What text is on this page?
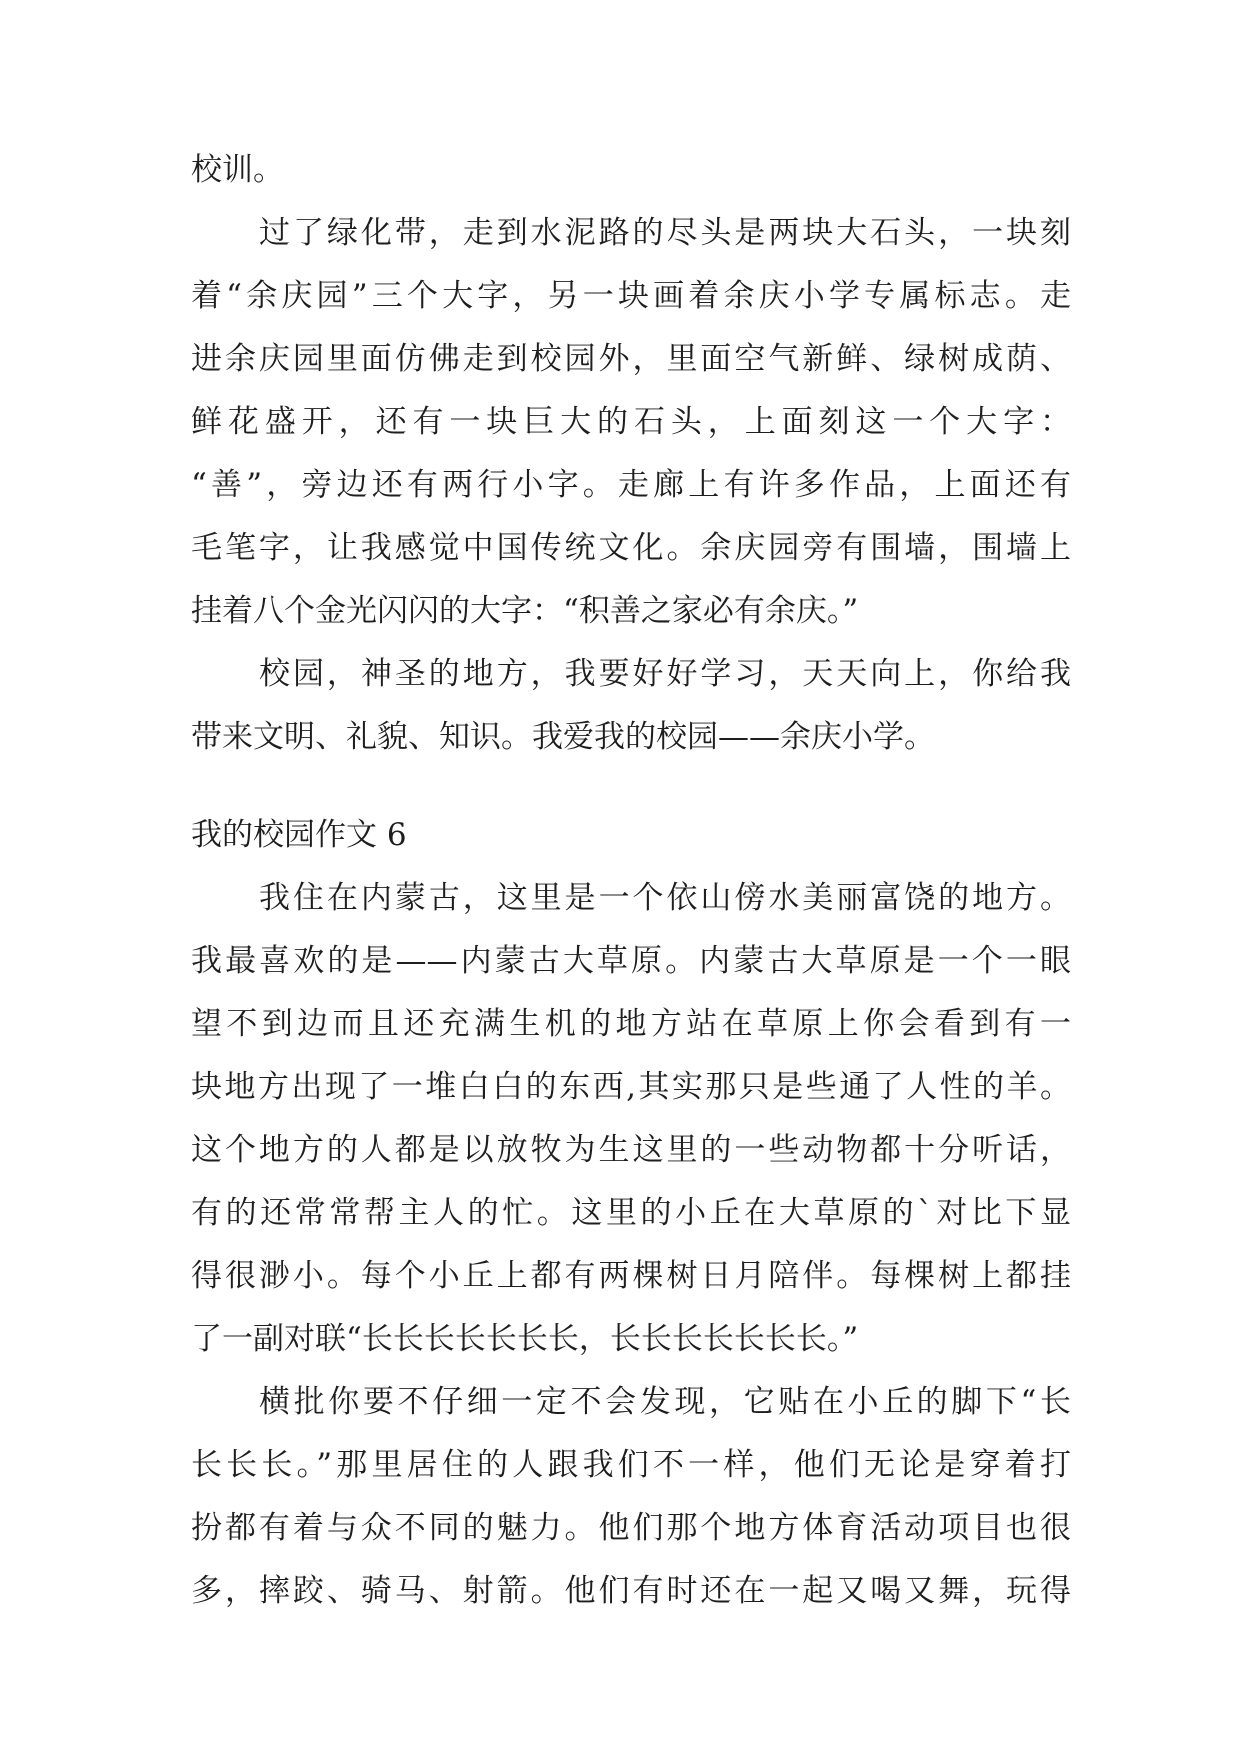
校训。
过了绿化带，走到水泥路的尽头是两块大石头，一块刻
着“余庆园”三个大字，另一块画着余庆小学专属标志。走
进余庆园里面仿佛走到校园外，里面空气新鲜、绿树成荫、
鲜花盛开，还有一块巨大的石头，上面刻这一个大字：
“善”，旁边还有两行小字。走廊上有许多作品，上面还有
毛笔字，让我感觉中国传统文化。余庆园旁有围墙，围墙上
挂着八个金光闪闪的大字：“积善之家必有余庆。”
校园，神圣的地方，我要好好学习，天天向上，你给我
带来文明、礼貌、知识。我爱我的校园——余庆小学。
我的校园作文 6
我住在内蒙古，这里是一个依山傍水美丽富饶的地方。
我最喜欢的是——内蒙古大草原。内蒙古大草原是一个一眼
望不到边而且还充满生机的地方站在草原上你会看到有一
块地方出现了一堆白白的东西,其实那只是些通了人性的羊。
这个地方的人都是以放牧为生这里的一些动物都十分听话，
有的还常常帮主人的忙。这里的小丘在大草原的`对比下显
得很渺小。每个小丘上都有两棵树日月陪伴。每棵树上都挂
了一副对联“长长长长长长长，长长长长长长长。”
横批你要不仔细一定不会发现，它贴在小丘的脚下“长
长长长。”那里居住的人跟我们不一样，他们无论是穿着打
扮都有着与众不同的魅力。他们那个地方体育活动项目也很
多，摔跤、骑马、射箭。他们有时还在一起又喝又舞，玩得
